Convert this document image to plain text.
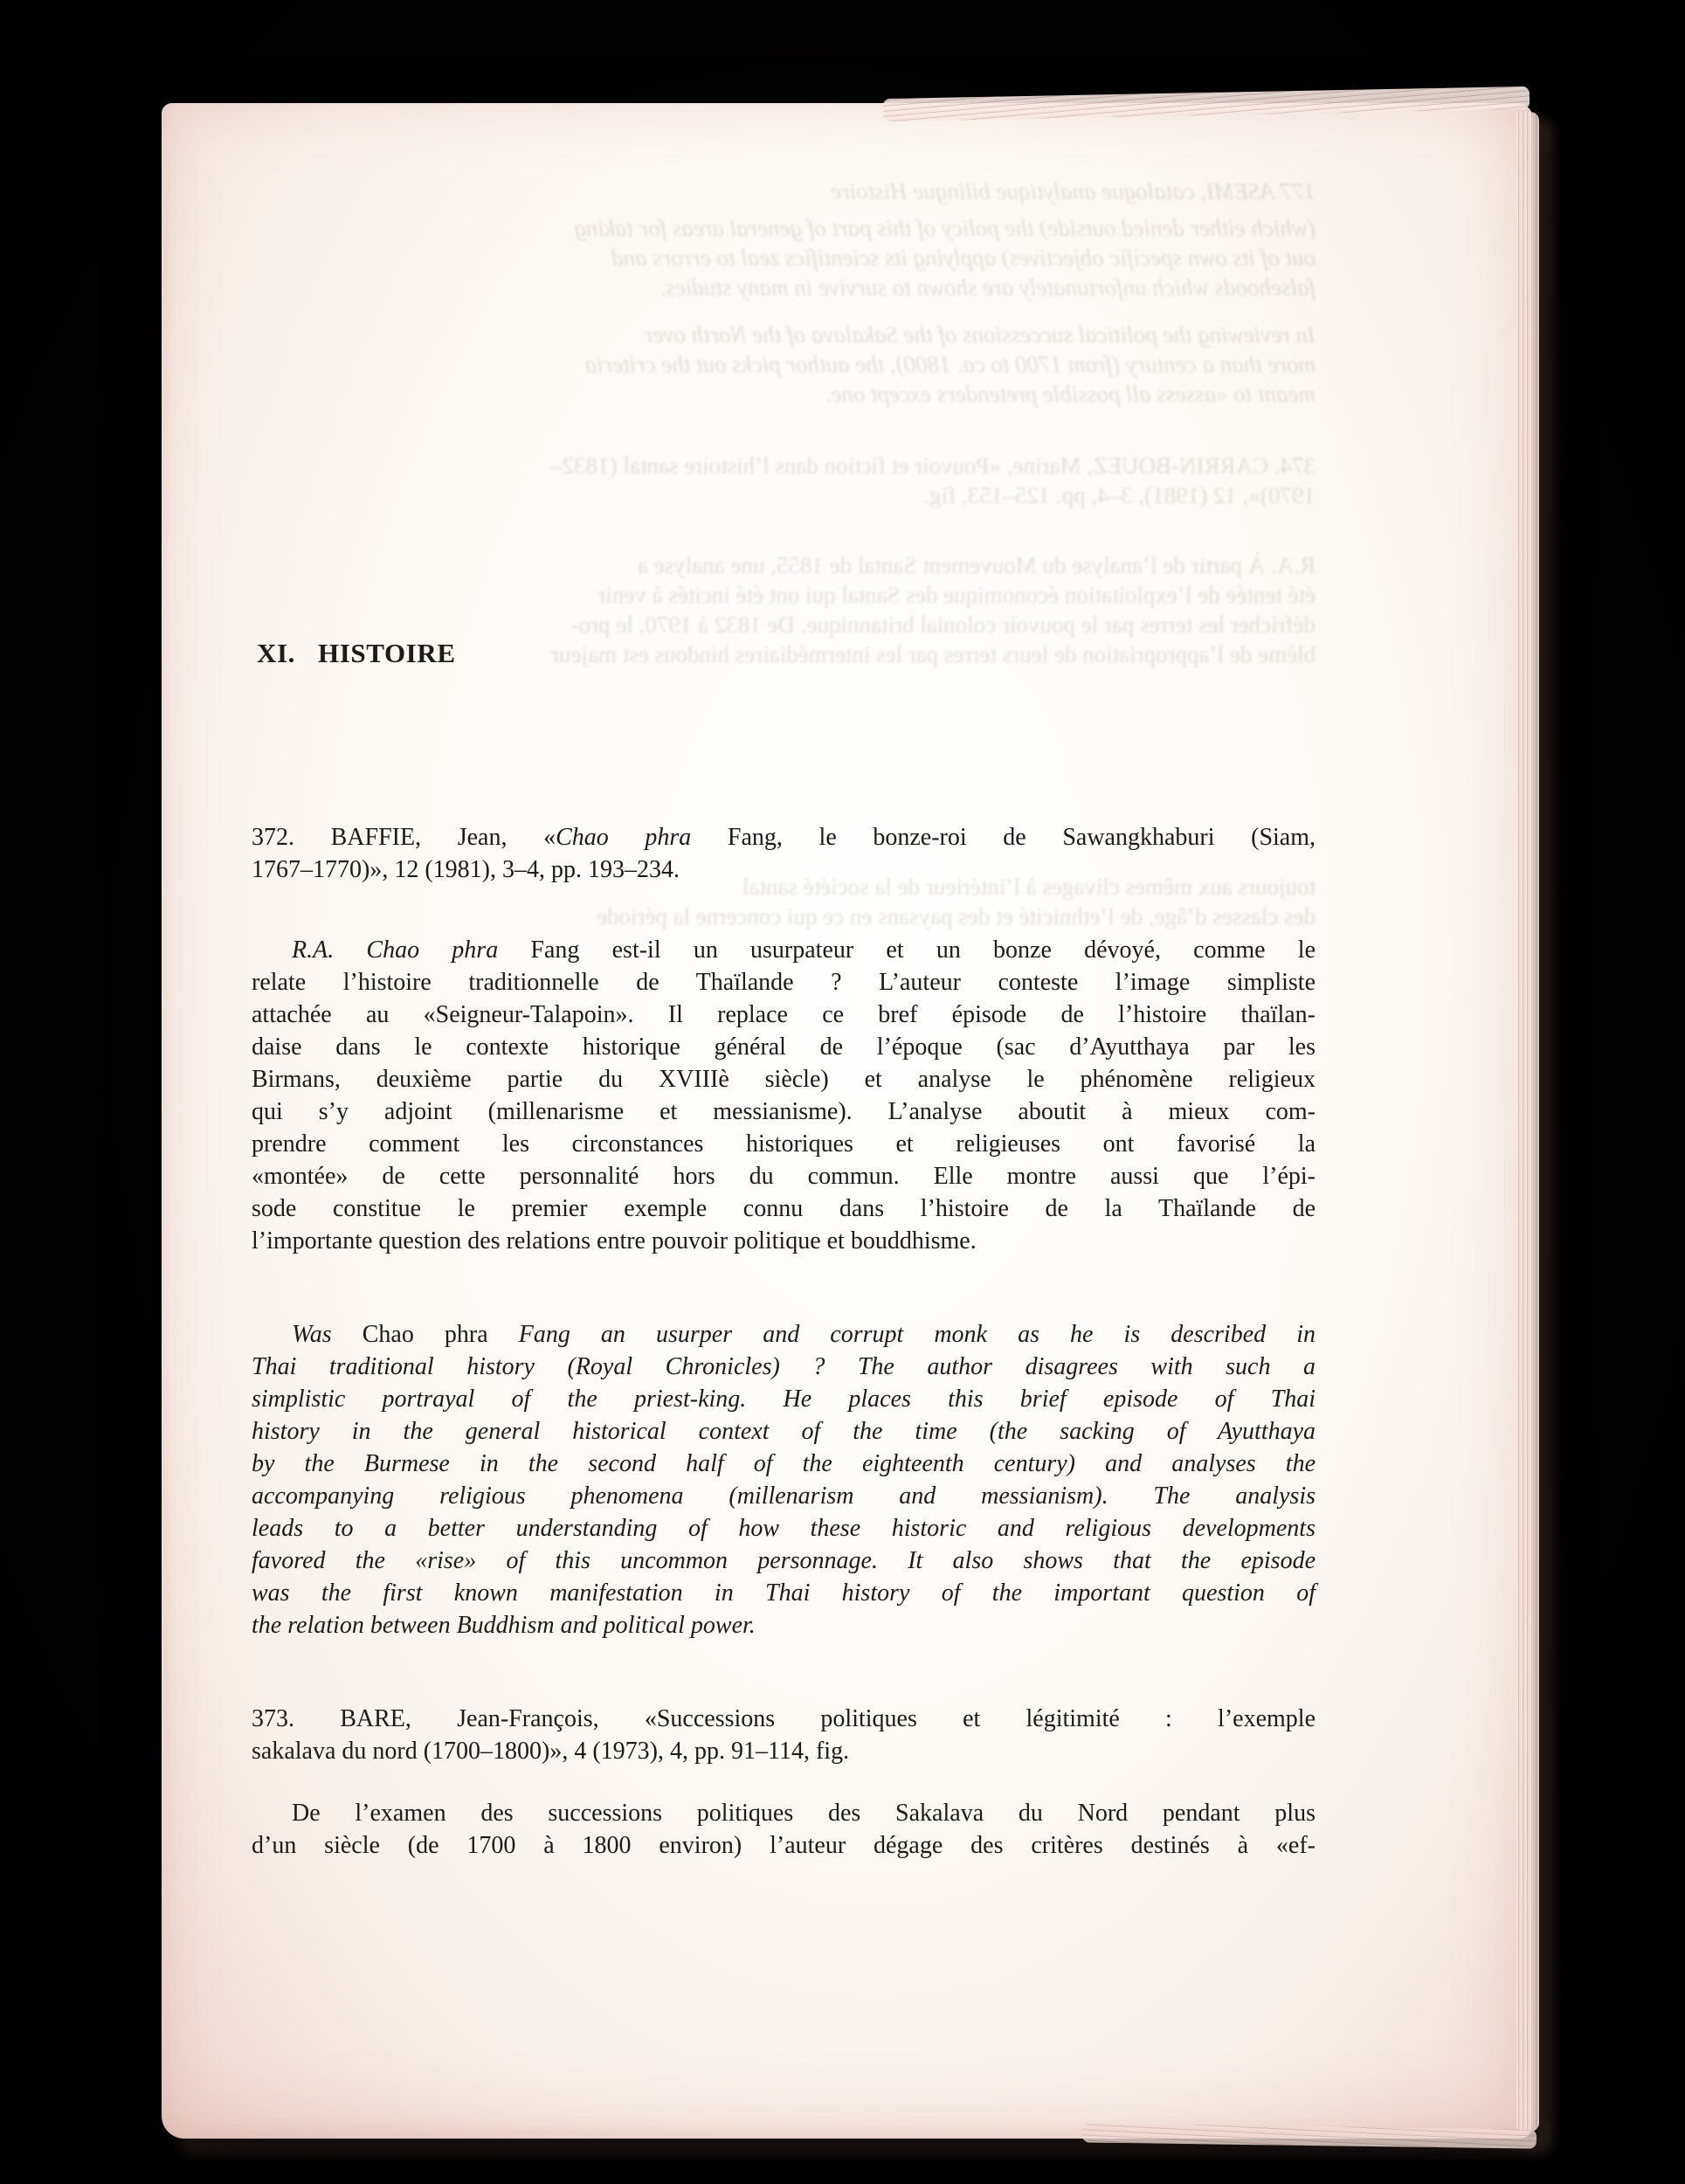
177 ASEMI, catalogue analytique bilingue Histoire
(which either denied outside) the policy of this part of general areas for taking
out of its own specific objectives) applying its scientifics zeal to errors and
falsehoods which unfortunately are shown to survive in many studies.
In reviewing the political successions of the Sakalava of the North over
more than a century (from 1700 to ca. 1800), the author picks out the criteria
meant to «assess all possible pretenders except one.
374. CARRIN-BOUEZ, Marine, «Pouvoir et fiction dans l’histoire santal (1832–
1970)», 12 (1981), 3–4, pp. 125–153, fig.
R.A. À partir de l’analyse du Mouvement Santal de 1855, une analyse a
été tentée de l’exploitation économique des Santal qui ont été incités à venir
défricher les terres par le pouvoir colonial britannique. De 1832 à 1970, le pro-
blème de l’appropriation de leurs terres par les intermédiaires hindous est majeur
toujours aux mêmes clivages à l’intérieur de la société santal
des classes d’âge, de l’ethnicité et des paysans en ce qui concerne la période
XI. HISTOIRE
372. BAFFIE, Jean, «Chao phra Fang, le bonze-roi de Sawangkhaburi (Siam,
1767–1770)», 12 (1981), 3–4, pp. 193–234.
R.A. Chao phra Fang est-il un usurpateur et un bonze dévoyé, comme le
relate l’histoire traditionnelle de Thaïlande ? L’auteur conteste l’image simpliste
attachée au «Seigneur-Talapoin». Il replace ce bref épisode de l’histoire thaïlan-
daise dans le contexte historique général de l’époque (sac d’Ayutthaya par les
Birmans, deuxième partie du XVIIIè siècle) et analyse le phénomène religieux
qui s’y adjoint (millenarisme et messianisme). L’analyse aboutit à mieux com-
prendre comment les circonstances historiques et religieuses ont favorisé la
«montée» de cette personnalité hors du commun. Elle montre aussi que l’épi-
sode constitue le premier exemple connu dans l’histoire de la Thaïlande de
l’importante question des relations entre pouvoir politique et bouddhisme.
Was Chao phra Fang an usurper and corrupt monk as he is described in
Thai traditional history (Royal Chronicles) ? The author disagrees with such a
simplistic portrayal of the priest-king. He places this brief episode of Thai
history in the general historical context of the time (the sacking of Ayutthaya
by the Burmese in the second half of the eighteenth century) and analyses the
accompanying religious phenomena (millenarism and messianism). The analysis
leads to a better understanding of how these historic and religious developments
favored the «rise» of this uncommon personnage. It also shows that the episode
was the first known manifestation in Thai history of the important question of
the relation between Buddhism and political power.
373. BARE, Jean-François, «Successions politiques et légitimité : l’exemple
sakalava du nord (1700–1800)», 4 (1973), 4, pp. 91–114, fig.
De l’examen des successions politiques des Sakalava du Nord pendant plus
d’un siècle (de 1700 à 1800 environ) l’auteur dégage des critères destinés à «ef-
